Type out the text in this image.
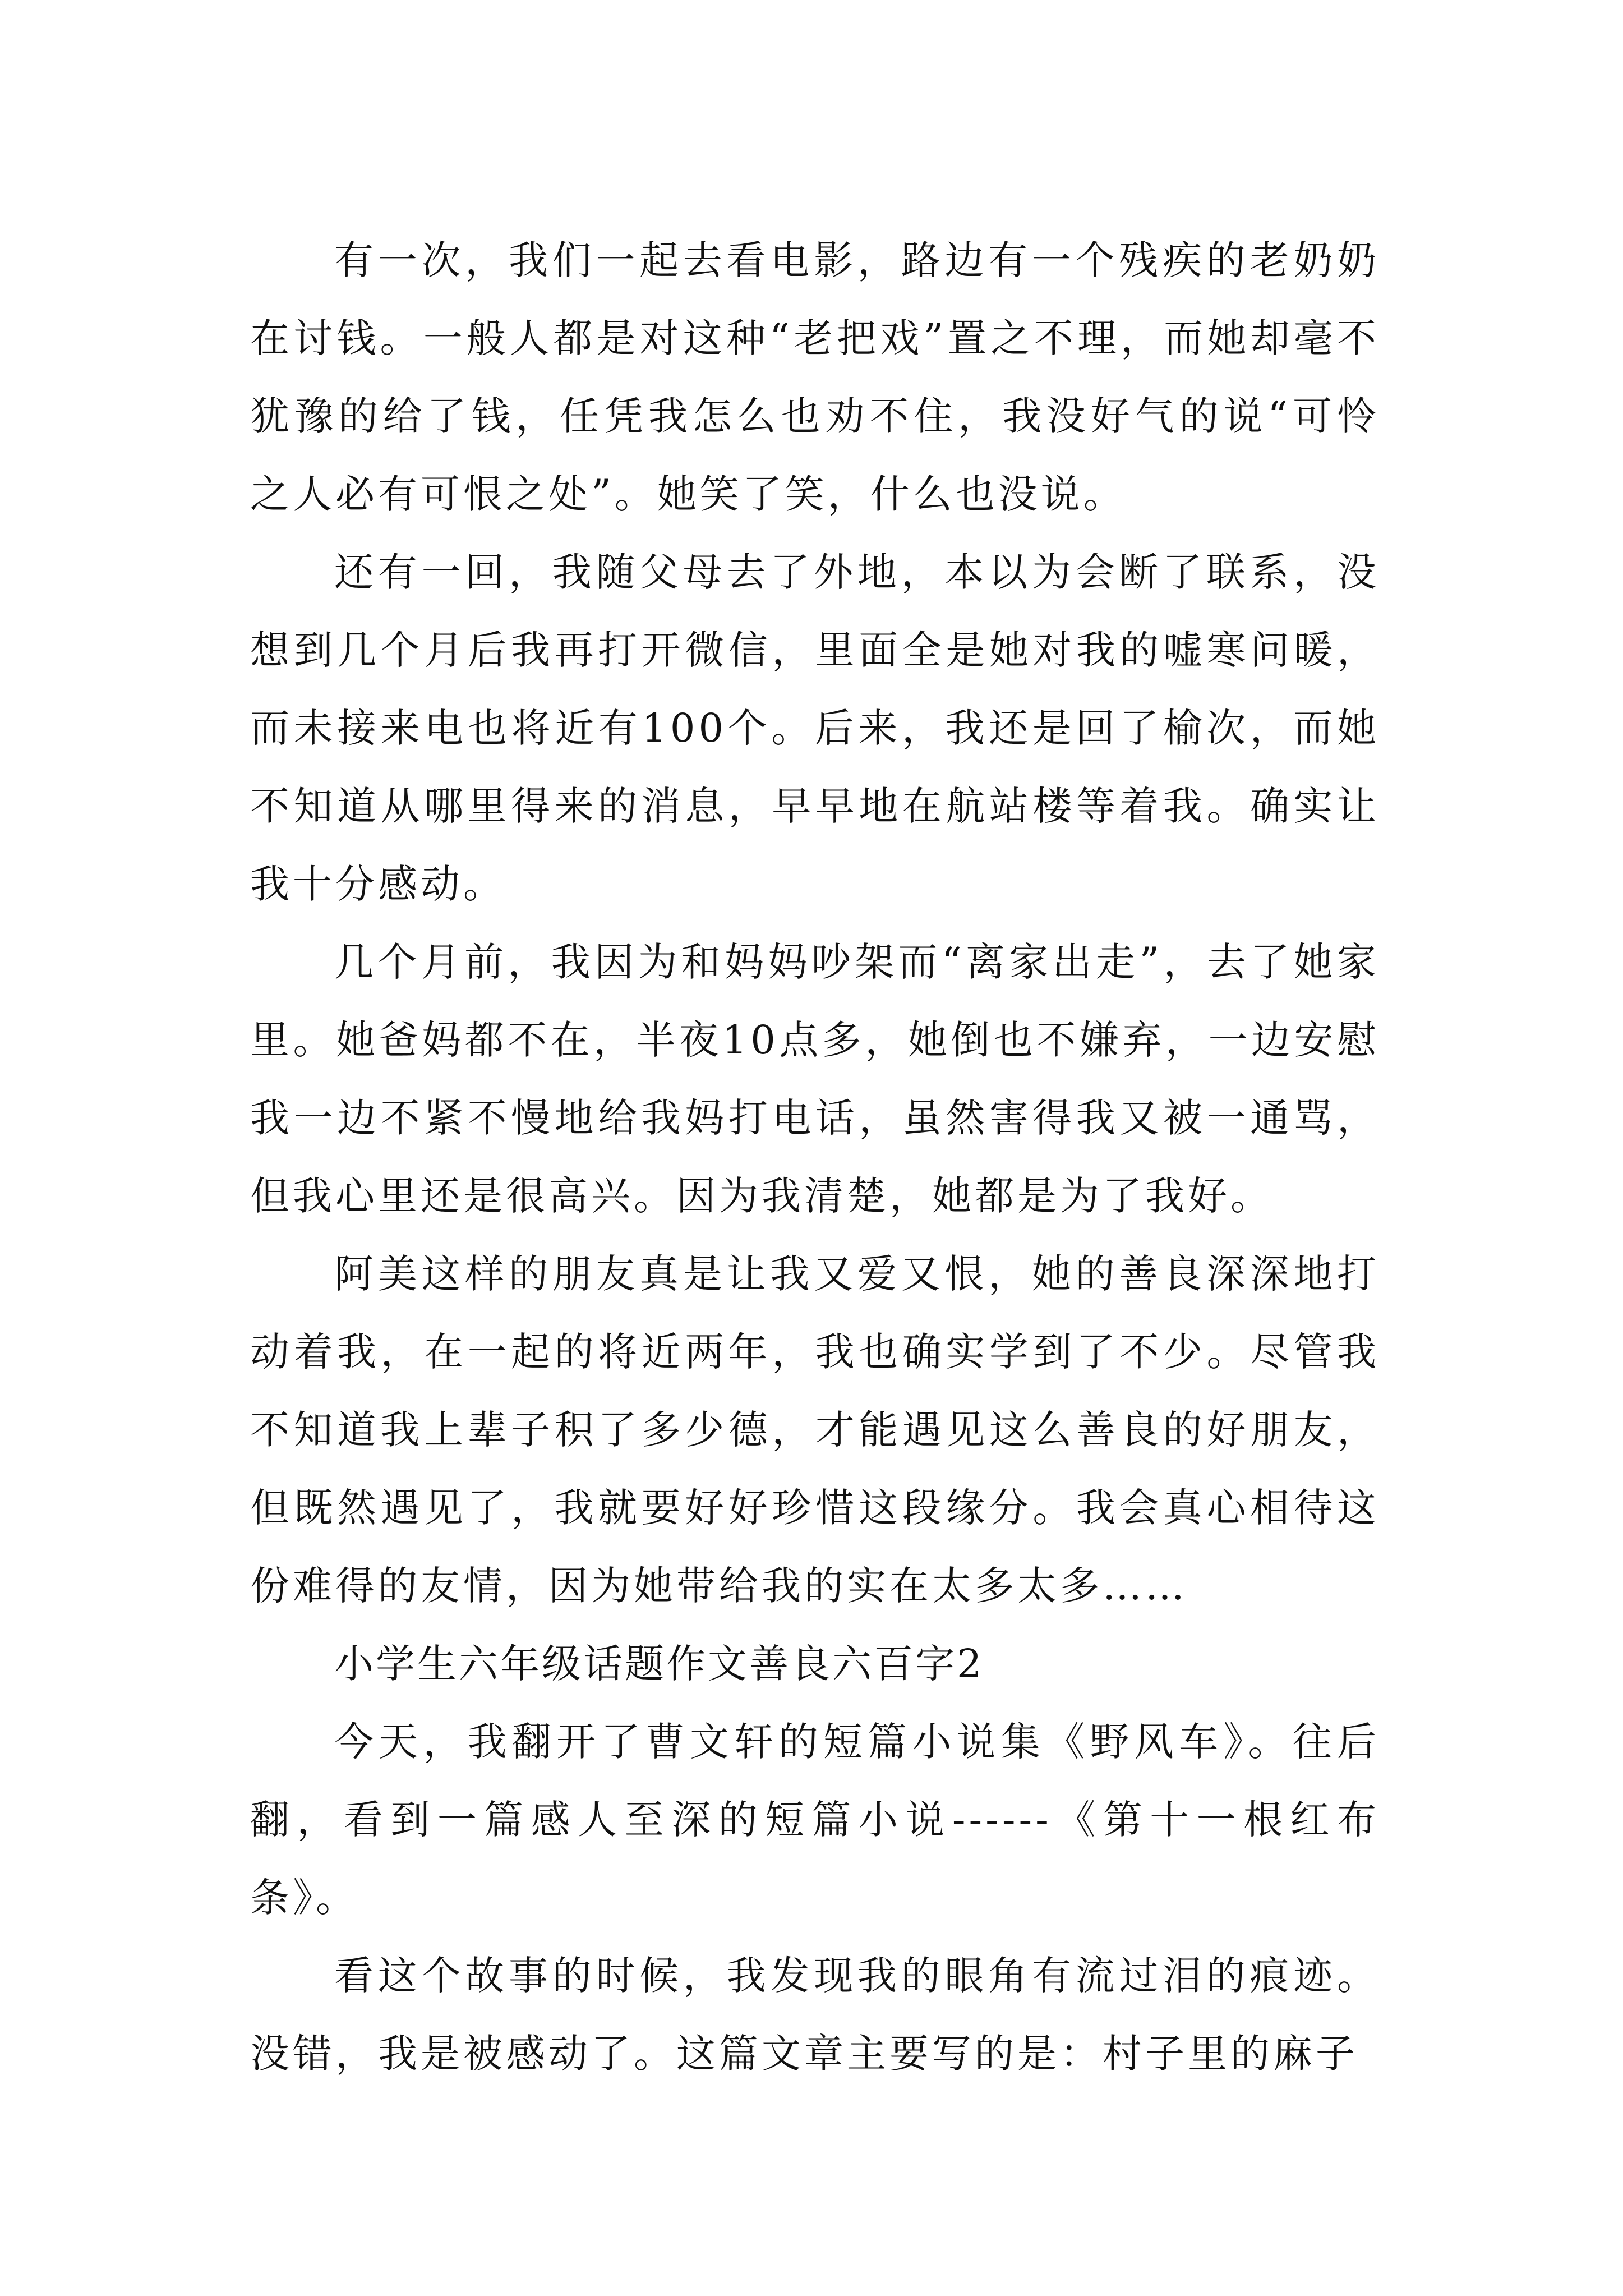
有一次，我们一起去看电影，路边有一个残疾的老奶奶在讨钱。一般人都是对这种“老把戏”置之不理，而她却毫不犹豫的给了钱，任凭我怎么也劝不住，我没好气的说“可怜之人必有可恨之处”。她笑了笑，什么也没说。

还有一回，我随父母去了外地，本以为会断了联系，没想到几个月后我再打开微信，里面全是她对我的嘘寒问暖，而未接来电也将近有100个。后来，我还是回了榆次，而她不知道从哪里得来的消息，早早地在航站楼等着我。确实让我十分感动。

几个月前，我因为和妈妈吵架而“离家出走”，去了她家里。她爸妈都不在，半夜10点多，她倒也不嫌弃，一边安慰我一边不紧不慢地给我妈打电话，虽然害得我又被一通骂，但我心里还是很高兴。因为我清楚，她都是为了我好。

阿美这样的朋友真是让我又爱又恨，她的善良深深地打动着我，在一起的将近两年，我也确实学到了不少。尽管我不知道我上辈子积了多少德，才能遇见这么善良的好朋友，但既然遇见了，我就要好好珍惜这段缘分。我会真心相待这份难得的友情，因为她带给我的实在太多太多……

小学生六年级话题作文善良六百字2

今天，我翻开了曹文轩的短篇小说集《野风车》。往后翻，看到一篇感人至深的短篇小说------《第十一根红布条》。

看这个故事的时候，我发现我的眼角有流过泪的痕迹。没错，我是被感动了。这篇文章主要写的是：村子里的麻子
